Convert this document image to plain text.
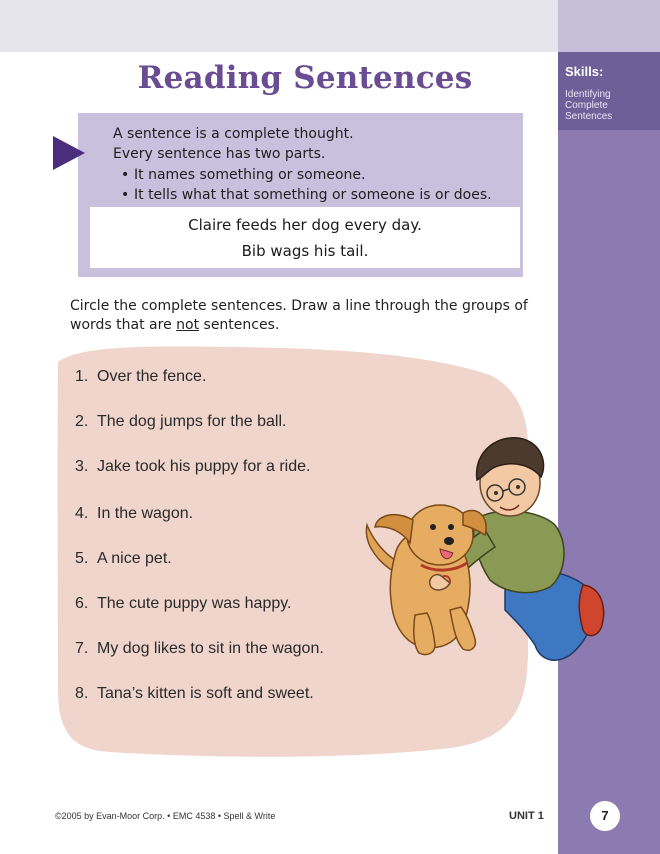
Skills:
Identifying
Complete
Sentences
Reading Sentences
A sentence is a complete thought.
Every sentence has two parts.
• It names something or someone.
• It tells what that something or someone is or does.
Claire feeds her dog every day.
Bib wags his tail.
Circle the complete sentences. Draw a line through the groups of words that are not sentences.
1. Over the fence.
2. The dog jumps for the ball.
3. Jake took his puppy for a ride.
4. In the wagon.
5. A nice pet.
6. The cute puppy was happy.
7. My dog likes to sit in the wagon.
8. Tana’s kitten is soft and sweet.
©2005 by Evan-Moor Corp. • EMC 4538 • Spell & Write	UNIT 1	7
